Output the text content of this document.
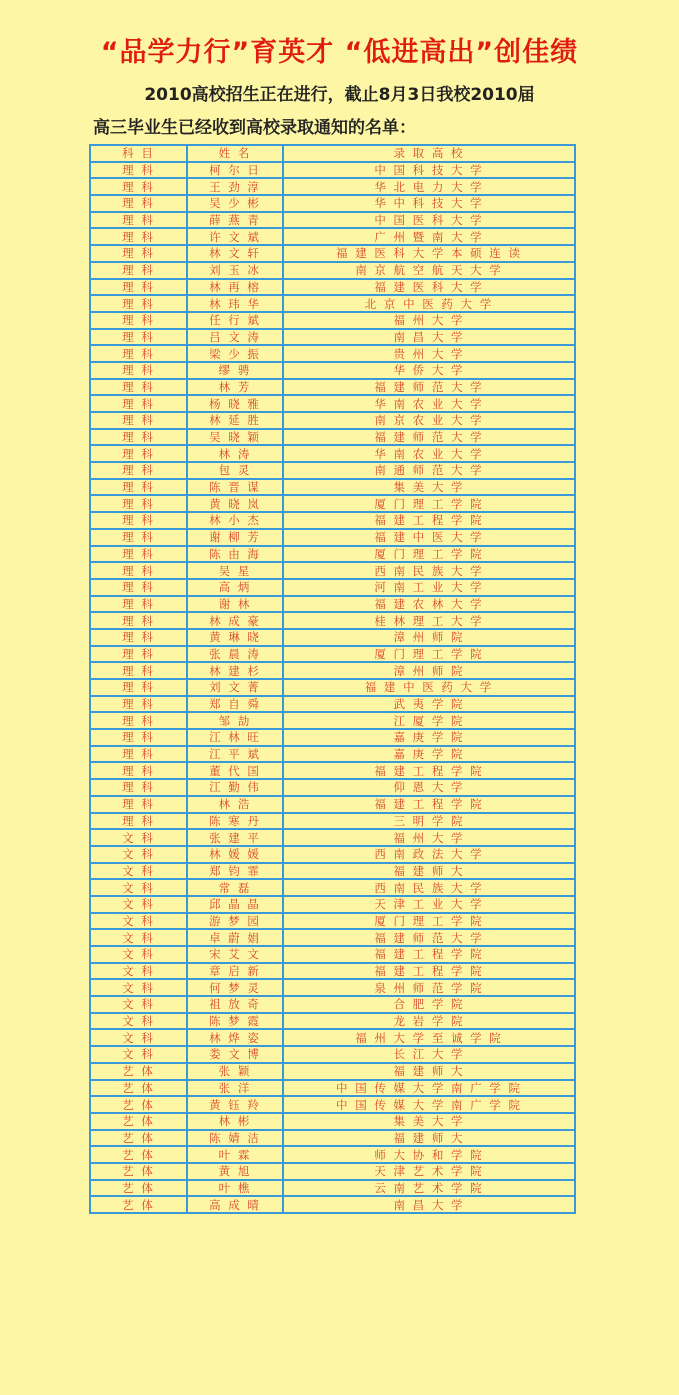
“品学力行”育英才 “低进高出”创佳绩

2010高校招生正在进行，截止8月3日我校2010届

高三毕业生已经收到高校录取通知的名单：

科 目	姓 名	录 取 高 校
理 科	柯 尔 日	中 国 科 技 大 学
理 科	王 劲 淳	华 北 电 力 大 学
理 科	吴 少 彬	华 中 科 技 大 学
理 科	薛 燕 青	中 国 医 科 大 学
理 科	许 文 斌	广 州 暨 南 大 学
理 科	林 文 轩	福 建 医 科 大 学 本 硕 连 读
理 科	刘 玉 冰	南 京 航 空 航 天 大 学
理 科	林 再 榕	福 建 医 科 大 学
理 科	林 玮 华	北 京 中 医 药 大 学
理 科	任 行 斌	福 州 大 学
理 科	吕 文 涛	南 昌 大 学
理 科	梁 少 振	贵 州 大 学
理 科	缪 骋	华 侨 大 学
理 科	林 芳	福 建 师 范 大 学
理 科	杨 晓 雅	华 南 农 业 大 学
理 科	林 延 胜	南 京 农 业 大 学
理 科	吴 晓 颖	福 建 师 范 大 学
理 科	林 涛	华 南 农 业 大 学
理 科	包 灵	南 通 师 范 大 学
理 科	陈 晋 谋	集 美 大 学
理 科	黄 晓 岚	厦 门 理 工 学 院
理 科	林 小 杰	福 建 工 程 学 院
理 科	谢 柳 芳	福 建 中 医 大 学
理 科	陈 由 海	厦 门 理 工 学 院
理 科	吴 星	西 南 民 族 大 学
理 科	高 炳	河 南 工 业 大 学
理 科	谢 林	福 建 农 林 大 学
理 科	林 成 豪	桂 林 理 工 大 学
理 科	黄 琳 晓	漳 州 师 院
理 科	张 晨 涛	厦 门 理 工 学 院
理 科	林 建 杉	漳 州 师 院
理 科	刘 文 菁	福 建 中 医 药 大 学
理 科	郑 自 舜	武 夷 学 院
理 科	邹 劼	江 厦 学 院
理 科	江 林 旺	嘉 庚 学 院
理 科	江 平 斌	嘉 庚 学 院
理 科	董 代 国	福 建 工 程 学 院
理 科	江 勤 伟	仰 恩 大 学
理 科	林 浩	福 建 工 程 学 院
理 科	陈 寒 丹	三 明 学 院
文 科	张 建 平	福 州 大 学
文 科	林 媛 媛	西 南 政 法 大 学
文 科	郑 钧 霏	福 建 师 大
文 科	常 磊	西 南 民 族 大 学
文 科	邱 晶 晶	天 津 工 业 大 学
文 科	游 梦 园	厦 门 理 工 学 院
文 科	卓 蔚 娟	福 建 师 范 大 学
文 科	宋 艾 文	福 建 工 程 学 院
文 科	章 启 新	福 建 工 程 学 院
文 科	何 梦 灵	泉 州 师 范 学 院
文 科	祖 放 奇	合 肥 学 院
文 科	陈 梦 霞	龙 岩 学 院
文 科	林 烨 姿	福 州 大 学 至 诚 学 院
文 科	娄 文 博	长 江 大 学
艺 体	张 颖	福 建 师 大
艺 体	张 洋	中 国 传 媒 大 学 南 广 学 院
艺 体	黄 钰 羚	中 国 传 媒 大 学 南 广 学 院
艺 体	林 彬	集 美 大 学
艺 体	陈 婧 洁	福 建 师 大
艺 体	叶 霖	师 大 协 和 学 院
艺 体	黄 旭	天 津 艺 术 学 院
艺 体	叶 樵	云 南 艺 术 学 院
艺 体	高 成 晴	南 昌 大 学
